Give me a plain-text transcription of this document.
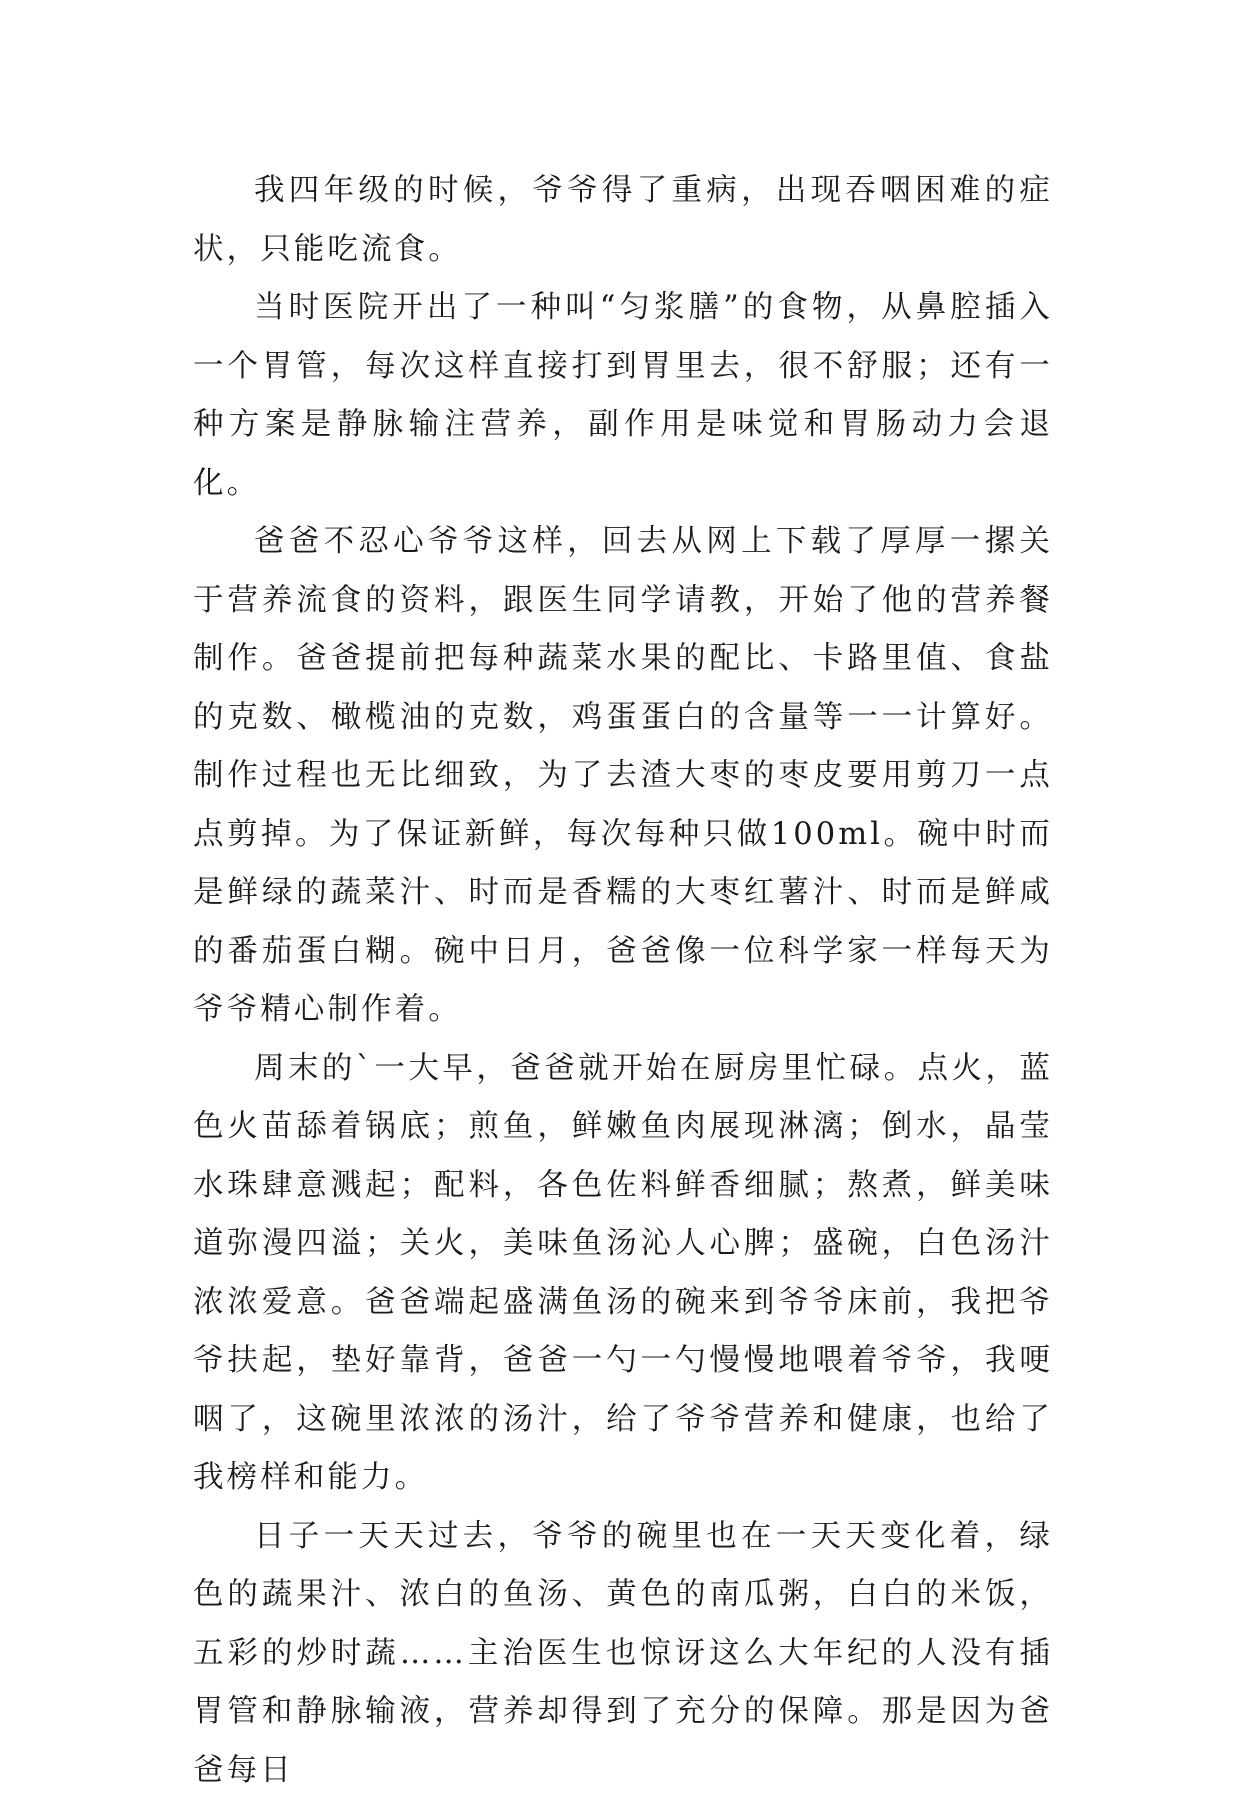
我四年级的时候，爷爷得了重病，出现吞咽困难的症状，只能吃流食。

当时医院开出了一种叫“匀浆膳”的食物，从鼻腔插入一个胃管，每次这样直接打到胃里去，很不舒服；还有一种方案是静脉输注营养，副作用是味觉和胃肠动力会退化。

爸爸不忍心爷爷这样，回去从网上下载了厚厚一摞关于营养流食的资料，跟医生同学请教，开始了他的营养餐制作。爸爸提前把每种蔬菜水果的配比、卡路里值、食盐的克数、橄榄油的克数，鸡蛋蛋白的含量等一一计算好。制作过程也无比细致，为了去渣大枣的枣皮要用剪刀一点点剪掉。为了保证新鲜，每次每种只做100ml。碗中时而是鲜绿的蔬菜汁、时而是香糯的大枣红薯汁、时而是鲜咸的番茄蛋白糊。碗中日月，爸爸像一位科学家一样每天为爷爷精心制作着。

周末的`一大早，爸爸就开始在厨房里忙碌。点火，蓝色火苗舔着锅底；煎鱼，鲜嫩鱼肉展现淋漓；倒水，晶莹水珠肆意溅起；配料，各色佐料鲜香细腻；熬煮，鲜美味道弥漫四溢；关火，美味鱼汤沁人心脾；盛碗，白色汤汁浓浓爱意。爸爸端起盛满鱼汤的碗来到爷爷床前，我把爷爷扶起，垫好靠背，爸爸一勺一勺慢慢地喂着爷爷，我哽咽了，这碗里浓浓的汤汁，给了爷爷营养和健康，也给了我榜样和能力。

日子一天天过去，爷爷的碗里也在一天天变化着，绿色的蔬果汁、浓白的鱼汤、黄色的南瓜粥，白白的米饭，五彩的炒时蔬……主治医生也惊讶这么大年纪的人没有插胃管和静脉输液，营养却得到了充分的保障。那是因为爸爸每日
